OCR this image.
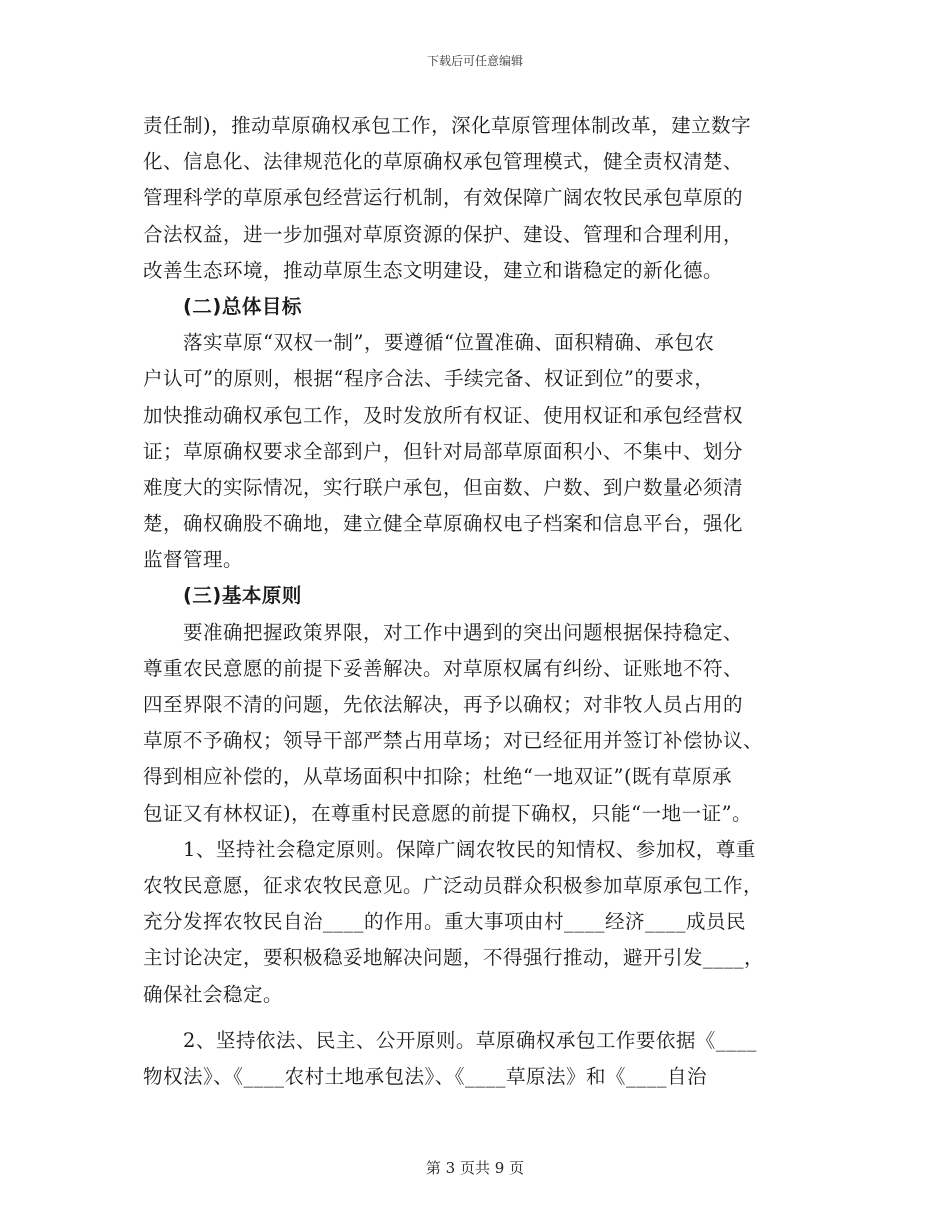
下载后可任意编辑
责任制)，推动草原确权承包工作，深化草原管理体制改革，建立数字
化、信息化、法律规范化的草原确权承包管理模式，健全责权清楚、
管理科学的草原承包经营运行机制，有效保障广阔农牧民承包草原的
合法权益，进一步加强对草原资源的保护、建设、管理和合理利用，
改善生态环境，推动草原生态文明建设，建立和谐稳定的新化德。
(二)总体目标
落实草原“双权一制”，要遵循“位置准确、面积精确、承包农
户认可”的原则，根据“程序合法、手续完备、权证到位”的要求，
加快推动确权承包工作，及时发放所有权证、使用权证和承包经营权
证；草原确权要求全部到户，但针对局部草原面积小、不集中、划分
难度大的实际情况，实行联户承包，但亩数、户数、到户数量必须清
楚，确权确股不确地，建立健全草原确权电子档案和信息平台，强化
监督管理。
(三)基本原则
要准确把握政策界限，对工作中遇到的突出问题根据保持稳定、
尊重农民意愿的前提下妥善解决。对草原权属有纠纷、证账地不符、
四至界限不清的问题，先依法解决，再予以确权；对非牧人员占用的
草原不予确权；领导干部严禁占用草场；对已经征用并签订补偿协议、
得到相应补偿的，从草场面积中扣除；杜绝“一地双证”(既有草原承
包证又有林权证)，在尊重村民意愿的前提下确权，只能“一地一证”。
1、坚持社会稳定原则。保障广阔农牧民的知情权、参加权，尊重
农牧民意愿，征求农牧民意见。广泛动员群众积极参加草原承包工作，
充分发挥农牧民自治____的作用。重大事项由村____经济____成员民
主讨论决定，要积极稳妥地解决问题，不得强行推动，避开引发____，
确保社会稳定。
2、坚持依法、民主、公开原则。草原确权承包工作要依据《____
物权法》、《____农村土地承包法》、《____草原法》和《____自治
第 3 页共 9 页
